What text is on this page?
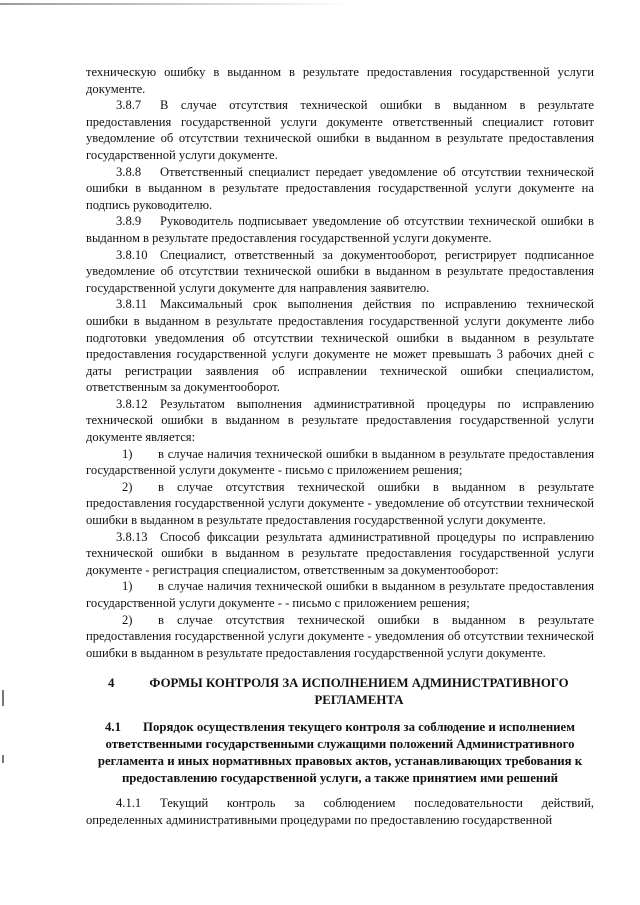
техническую ошибку в выданном в результате предоставления государственной услуги документе.

3.8.7 В случае отсутствия технической ошибки в выданном в результате предоставления государственной услуги документе ответственный специалист готовит уведомление об отсутствии технической ошибки в выданном в результате предоставления государственной услуги документе.

3.8.8 Ответственный специалист передает уведомление об отсутствии технической ошибки в выданном в результате предоставления государственной услуги документе на подпись руководителю.

3.8.9 Руководитель подписывает уведомление об отсутствии технической ошибки в выданном в результате предоставления государственной услуги документе.

3.8.10 Специалист, ответственный за документооборот, регистрирует подписанное уведомление об отсутствии технической ошибки в выданном в результате предоставления государственной услуги документе для направления заявителю.

3.8.11 Максимальный срок выполнения действия по исправлению технической ошибки в выданном в результате предоставления государственной услуги документе либо подготовки уведомления об отсутствии технической ошибки в выданном в результате предоставления государственной услуги документе не может превышать 3 рабочих дней с даты регистрации заявления об исправлении технической ошибки специалистом, ответственным за документооборот.

3.8.12 Результатом выполнения административной процедуры по исправлению технической ошибки в выданном в результате предоставления государственной услуги документе является:

1) в случае наличия технической ошибки в выданном в результате предоставления государственной услуги документе - письмо с приложением решения;

2) в случае отсутствия технической ошибки в выданном в результате предоставления государственной услуги документе - уведомление об отсутствии технической ошибки в выданном в результате предоставления государственной услуги документе.

3.8.13 Способ фиксации результата административной процедуры по исправлению технической ошибки в выданном в результате предоставления государственной услуги документе - регистрация специалистом, ответственным за документооборот:

1) в случае наличия технической ошибки в выданном в результате предоставления государственной услуги документе - - письмо с приложением решения;

2) в случае отсутствия технической ошибки в выданном в результате предоставления государственной услуги документе - уведомления об отсутствии технической ошибки в выданном в результате предоставления государственной услуги документе.

4	ФОРМЫ КОНТРОЛЯ ЗА ИСПОЛНЕНИЕМ АДМИНИСТРАТИВНОГО РЕГЛАМЕНТА
4.1 Порядок осуществления текущего контроля за соблюдение и исполнением ответственными государственными служащими положений Административного регламента и иных нормативных правовых актов, устанавливающих требования к предоставлению государственной услуги, а также принятием ими решений

4.1.1 Текущий контроль за соблюдением последовательности действий, определенных административными процедурами по предоставлению государственной
